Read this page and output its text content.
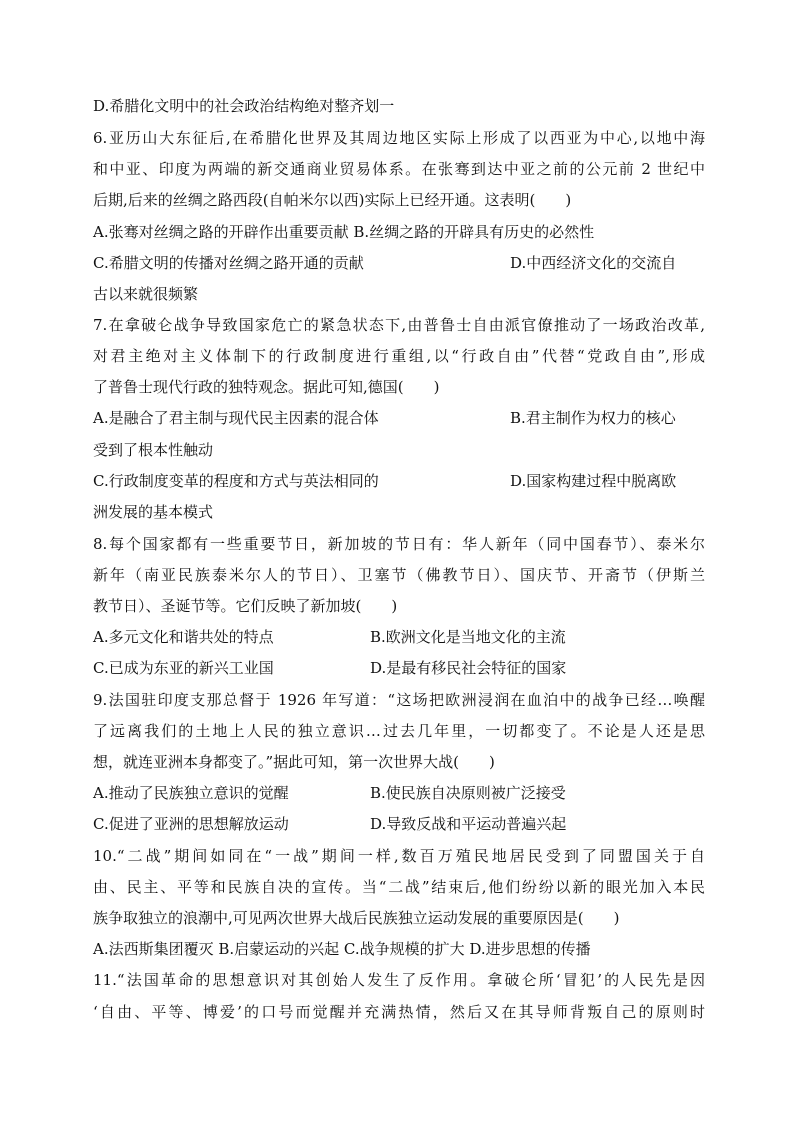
D.希腊化文明中的社会政治结构绝对整齐划一
6.亚历山大东征后,在希腊化世界及其周边地区实际上形成了以西亚为中心,以地中海
和中亚、印度为两端的新交通商业贸易体系。在张骞到达中亚之前的公元前 2 世纪中
后期,后来的丝绸之路西段(自帕米尔以西)实际上已经开通。这表明(　　)
A.张骞对丝绸之路的开辟作出重要贡献 B.丝绸之路的开辟具有历史的必然性
C.希腊文明的传播对丝绸之路开通的贡献	D.中西经济文化的交流自
古以来就很频繁
7.在拿破仑战争导致国家危亡的紧急状态下,由普鲁士自由派官僚推动了一场政治改革,
对君主绝对主义体制下的行政制度进行重组,以“行政自由”代替“党政自由”,形成
了普鲁士现代行政的独特观念。据此可知,德国(　　)
A.是融合了君主制与现代民主因素的混合体	B.君主制作为权力的核心
受到了根本性触动
C.行政制度变革的程度和方式与英法相同的	D.国家构建过程中脱离欧
洲发展的基本模式
8.每个国家都有一些重要节日，新加坡的节日有：华人新年（同中国春节）、泰米尔
新年（南亚民族泰米尔人的节日）、卫塞节（佛教节日）、国庆节、开斋节（伊斯兰
教节日）、圣诞节等。它们反映了新加坡(　　)
A.多元文化和谐共处的特点	B.欧洲文化是当地文化的主流
C.已成为东亚的新兴工业国	D.是最有移民社会特征的国家
9.法国驻印度支那总督于 1926 年写道：“这场把欧洲浸润在血泊中的战争已经…唤醒
了远离我们的土地上人民的独立意识…过去几年里，一切都变了。不论是人还是思
想，就连亚洲本身都变了。”据此可知，第一次世界大战(　　)
A.推动了民族独立意识的觉醒	B.使民族自决原则被广泛接受
C.促进了亚洲的思想解放运动	D.导致反战和平运动普遍兴起
10.“二战”期间如同在“一战”期间一样,数百万殖民地居民受到了同盟国关于自
由、民主、平等和民族自决的宣传。当“二战”结束后,他们纷纷以新的眼光加入本民
族争取独立的浪潮中,可见两次世界大战后民族独立运动发展的重要原因是(　　)
A.法西斯集团覆灭 B.启蒙运动的兴起 C.战争规模的扩大 D.进步思想的传播
11.“法国革命的思想意识对其创始人发生了反作用。拿破仑所‘冒犯’的人民先是因
‘自由、平等、博爱’的口号而觉醒并充满热情，然后又在其导师背叛自己的原则时
